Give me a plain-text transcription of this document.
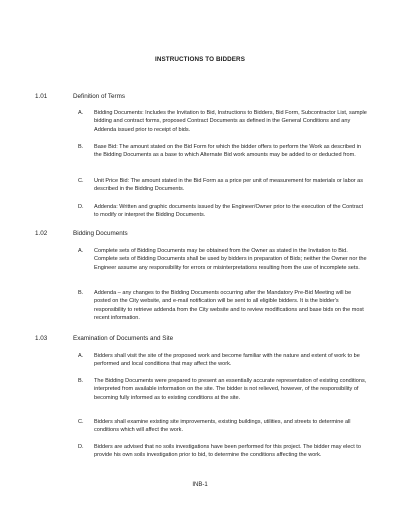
INSTRUCTIONS TO BIDDERS
1.01	Definition of Terms
A.	Bidding Documents: Includes the Invitation to Bid, Instructions to Bidders, Bid Form, Subcontractor List, sample bidding and contract forms, proposed Contract Documents as defined in the General Conditions and any Addenda issued prior to receipt of bids.
B.	Base Bid: The amount stated on the Bid Form for which the bidder offers to perform the Work as described in the Bidding Documents as a base to which Alternate Bid work amounts may be added to or deducted from.
C.	Unit Price Bid: The amount stated in the Bid Form as a price per unit of measurement for materials or labor as described in the Bidding Documents.
D.	Addenda: Written and graphic documents issued by the Engineer/Owner prior to the execution of the Contract to modify or interpret the Bidding Documents.
1.02	Bidding Documents
A.	Complete sets of Bidding Documents may be obtained from the Owner as stated in the Invitation to Bid. Complete sets of Bidding Documents shall be used by bidders in preparation of Bids; neither the Owner nor the Engineer assume any responsibility for errors or misinterpretations resulting from the use of incomplete sets.
B.	Addenda – any changes to the Bidding Documents occurring after the Mandatory Pre-Bid Meeting will be posted on the City website, and e-mail notification will be sent to all eligible bidders. It is the bidder's responsibility to retrieve addenda from the City website and to review modifications and base bids on the most recent information.
1.03	Examination of Documents and Site
A.	Bidders shall visit the site of the proposed work and become familiar with the nature and extent of work to be performed and local conditions that may affect the work.
B.	The Bidding Documents were prepared to present an essentially accurate representation of existing conditions, interpreted from available information on the site. The bidder is not relieved, however, of the responsibility of becoming fully informed as to existing conditions at the site.
C.	Bidders shall examine existing site improvements, existing buildings, utilities, and streets to determine all conditions which will affect the work.
D.	Bidders are advised that no soils investigations have been performed for this project. The bidder may elect to provide his own soils investigation prior to bid, to determine the conditions affecting the work.
INB-1
